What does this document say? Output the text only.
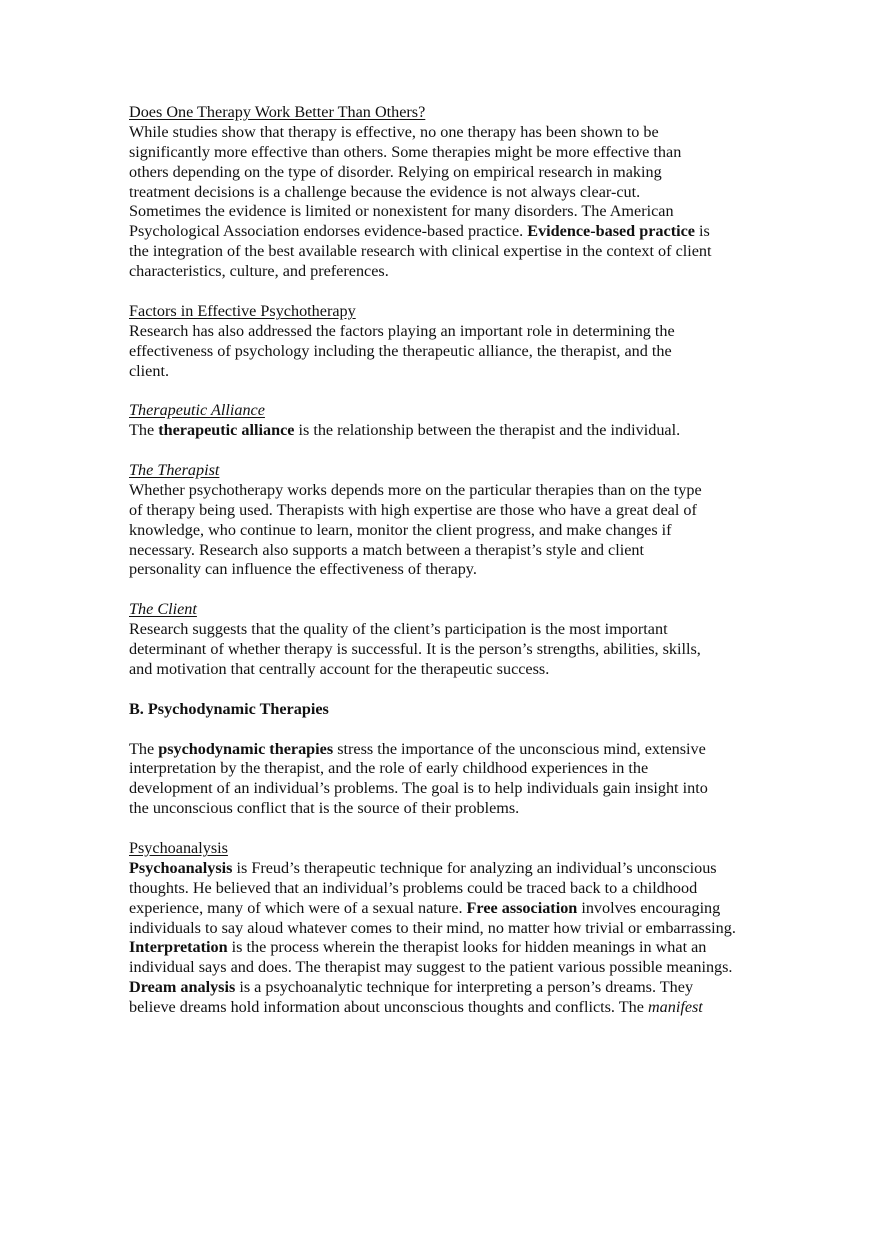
Does One Therapy Work Better Than Others?
While studies show that therapy is effective, no one therapy has been shown to be
significantly more effective than others. Some therapies might be more effective than
others depending on the type of disorder. Relying on empirical research in making
treatment decisions is a challenge because the evidence is not always clear-cut.
Sometimes the evidence is limited or nonexistent for many disorders. The American
Psychological Association endorses evidence-based practice. Evidence-based practice is
the integration of the best available research with clinical expertise in the context of client
characteristics, culture, and preferences.
Factors in Effective Psychotherapy
Research has also addressed the factors playing an important role in determining the
effectiveness of psychology including the therapeutic alliance, the therapist, and the
client.
Therapeutic Alliance
The therapeutic alliance is the relationship between the therapist and the individual.
The Therapist
Whether psychotherapy works depends more on the particular therapies than on the type
of therapy being used. Therapists with high expertise are those who have a great deal of
knowledge, who continue to learn, monitor the client progress, and make changes if
necessary. Research also supports a match between a therapist’s style and client
personality can influence the effectiveness of therapy.
The Client
Research suggests that the quality of the client’s participation is the most important
determinant of whether therapy is successful. It is the person’s strengths, abilities, skills,
and motivation that centrally account for the therapeutic success.
B. Psychodynamic Therapies
The psychodynamic therapies stress the importance of the unconscious mind, extensive
interpretation by the therapist, and the role of early childhood experiences in the
development of an individual’s problems. The goal is to help individuals gain insight into
the unconscious conflict that is the source of their problems.
Psychoanalysis
Psychoanalysis is Freud’s therapeutic technique for analyzing an individual’s unconscious
thoughts. He believed that an individual’s problems could be traced back to a childhood
experience, many of which were of a sexual nature. Free association involves encouraging
individuals to say aloud whatever comes to their mind, no matter how trivial or embarrassing.
Interpretation is the process wherein the therapist looks for hidden meanings in what an
individual says and does. The therapist may suggest to the patient various possible meanings.
Dream analysis is a psychoanalytic technique for interpreting a person’s dreams. They
believe dreams hold information about unconscious thoughts and conflicts. The manifest
